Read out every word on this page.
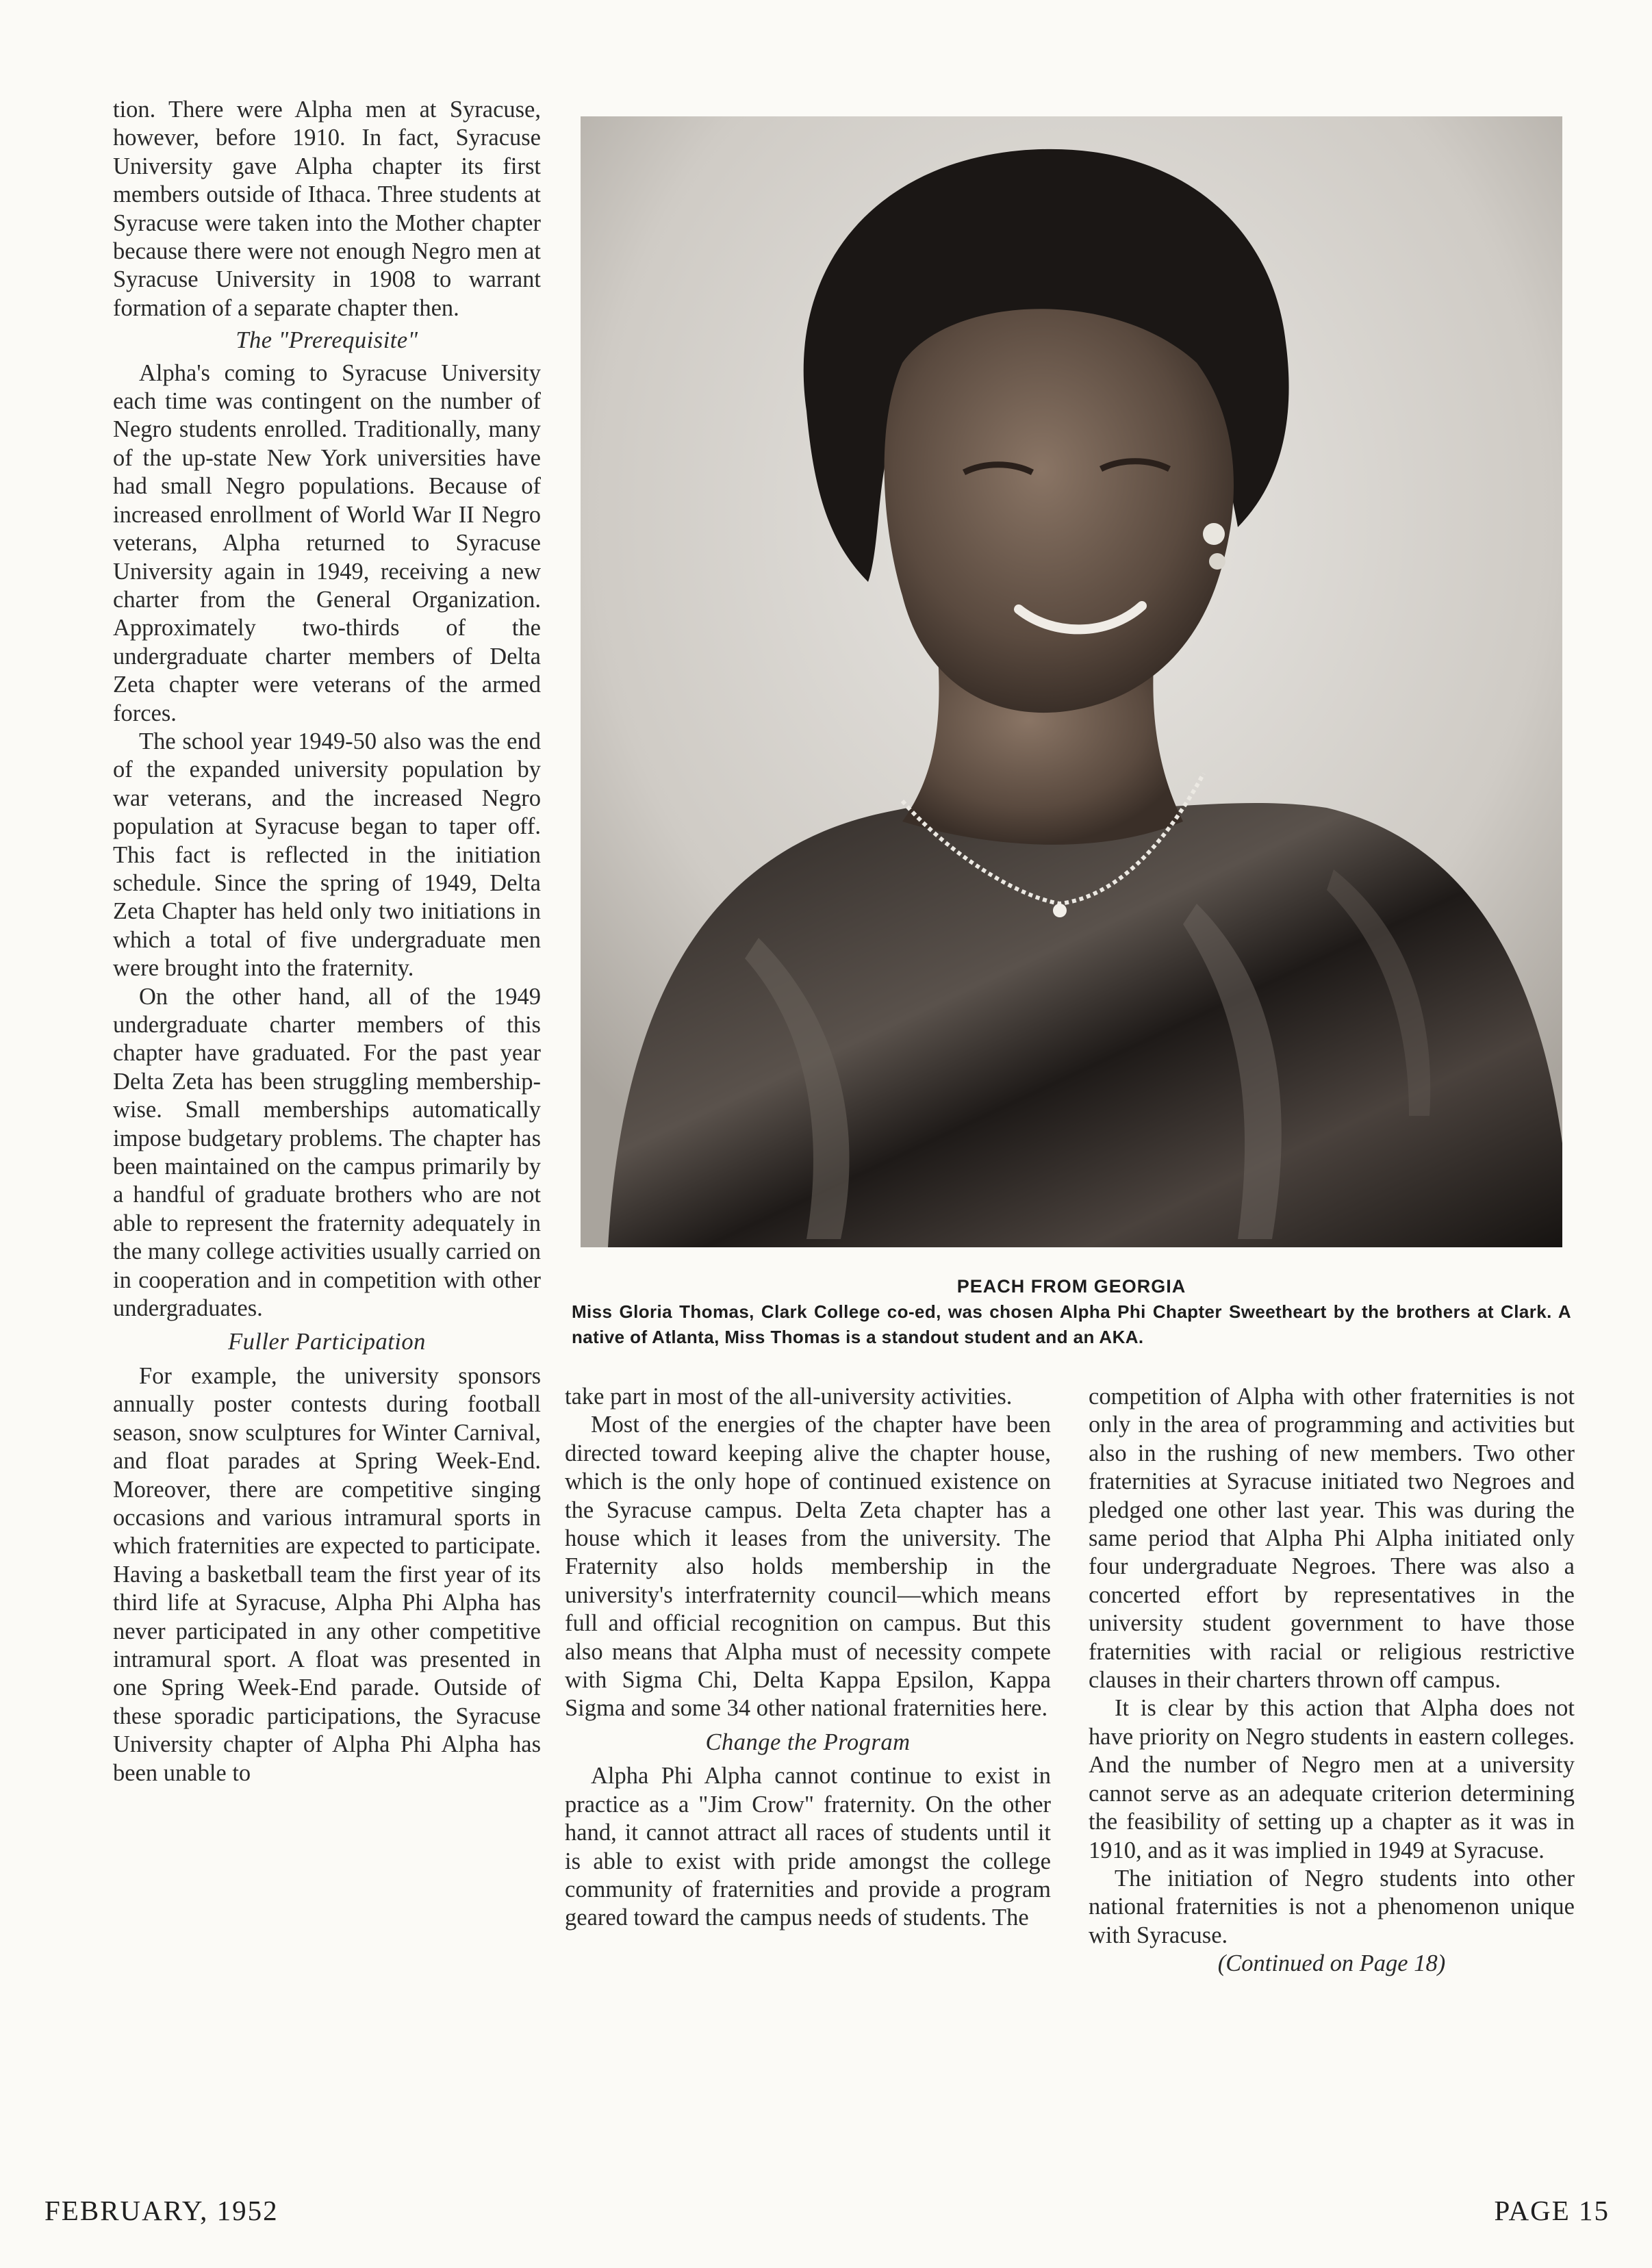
tion. There were Alpha men at Syracuse, however, before 1910. In fact, Syracuse University gave Alpha chapter its first members outside of Ithaca. Three students at Syracuse were taken into the Mother chapter because there were not enough Negro men at Syracuse University in 1908 to warrant formation of a separate chapter then.

The "Prerequisite"

Alpha's coming to Syracuse University each time was contingent on the number of Negro students enrolled. Traditionally, many of the up-state New York universities have had small Negro populations. Because of increased enrollment of World War II Negro veterans, Alpha returned to Syracuse University again in 1949, receiving a new charter from the General Organization. Approximately two-thirds of the undergraduate charter members of Delta Zeta chapter were veterans of the armed forces.

The school year 1949-50 also was the end of the expanded university population by war veterans, and the increased Negro population at Syracuse began to taper off. This fact is reflected in the initiation schedule. Since the spring of 1949, Delta Zeta Chapter has held only two initiations in which a total of five undergraduate men were brought into the fraternity.

On the other hand, all of the 1949 undergraduate charter members of this chapter have graduated. For the past year Delta Zeta has been struggling membership-wise. Small memberships automatically impose budgetary problems. The chapter has been maintained on the campus primarily by a handful of graduate brothers who are not able to represent the fraternity adequately in the many college activities usually carried on in cooperation and in competition with other undergraduates.

Fuller Participation

For example, the university sponsors annually poster contests during football season, snow sculptures for Winter Carnival, and float parades at Spring Week-End. Moreover, there are competitive singing occasions and various intramural sports in which fraternities are expected to participate. Having a basketball team the first year of its third life at Syracuse, Alpha Phi Alpha has never participated in any other competitive intramural sport. A float was presented in one Spring Week-End parade. Outside of these sporadic participations, the Syracuse University chapter of Alpha Phi Alpha has been unable to

PEACH FROM GEORGIA
Miss Gloria Thomas, Clark College co-ed, was chosen Alpha Phi Chapter Sweetheart by the brothers at Clark. A native of Atlanta, Miss Thomas is a standout student and an AKA.

take part in most of the all-university activities.

Most of the energies of the chapter have been directed toward keeping alive the chapter house, which is the only hope of continued existence on the Syracuse campus. Delta Zeta chapter has a house which it leases from the university. The Fraternity also holds membership in the university's interfraternity council—which means full and official recognition on campus. But this also means that Alpha must of necessity compete with Sigma Chi, Delta Kappa Epsilon, Kappa Sigma and some 34 other national fraternities here.

Change the Program

Alpha Phi Alpha cannot continue to exist in practice as a "Jim Crow" fraternity. On the other hand, it cannot attract all races of students until it is able to exist with pride amongst the college community of fraternities and provide a program geared toward the campus needs of students. The

competition of Alpha with other fraternities is not only in the area of programming and activities but also in the rushing of new members. Two other fraternities at Syracuse initiated two Negroes and pledged one other last year. This was during the same period that Alpha Phi Alpha initiated only four undergraduate Negroes. There was also a concerted effort by representatives in the university student government to have those fraternities with racial or religious restrictive clauses in their charters thrown off campus.

It is clear by this action that Alpha does not have priority on Negro students in eastern colleges. And the number of Negro men at a university cannot serve as an adequate criterion determining the feasibility of setting up a chapter as it was in 1910, and as it was implied in 1949 at Syracuse.

The initiation of Negro students into other national fraternities is not a phenomenon unique with Syracuse.

(Continued on Page 18)

FEBRUARY, 1952	PAGE 15
